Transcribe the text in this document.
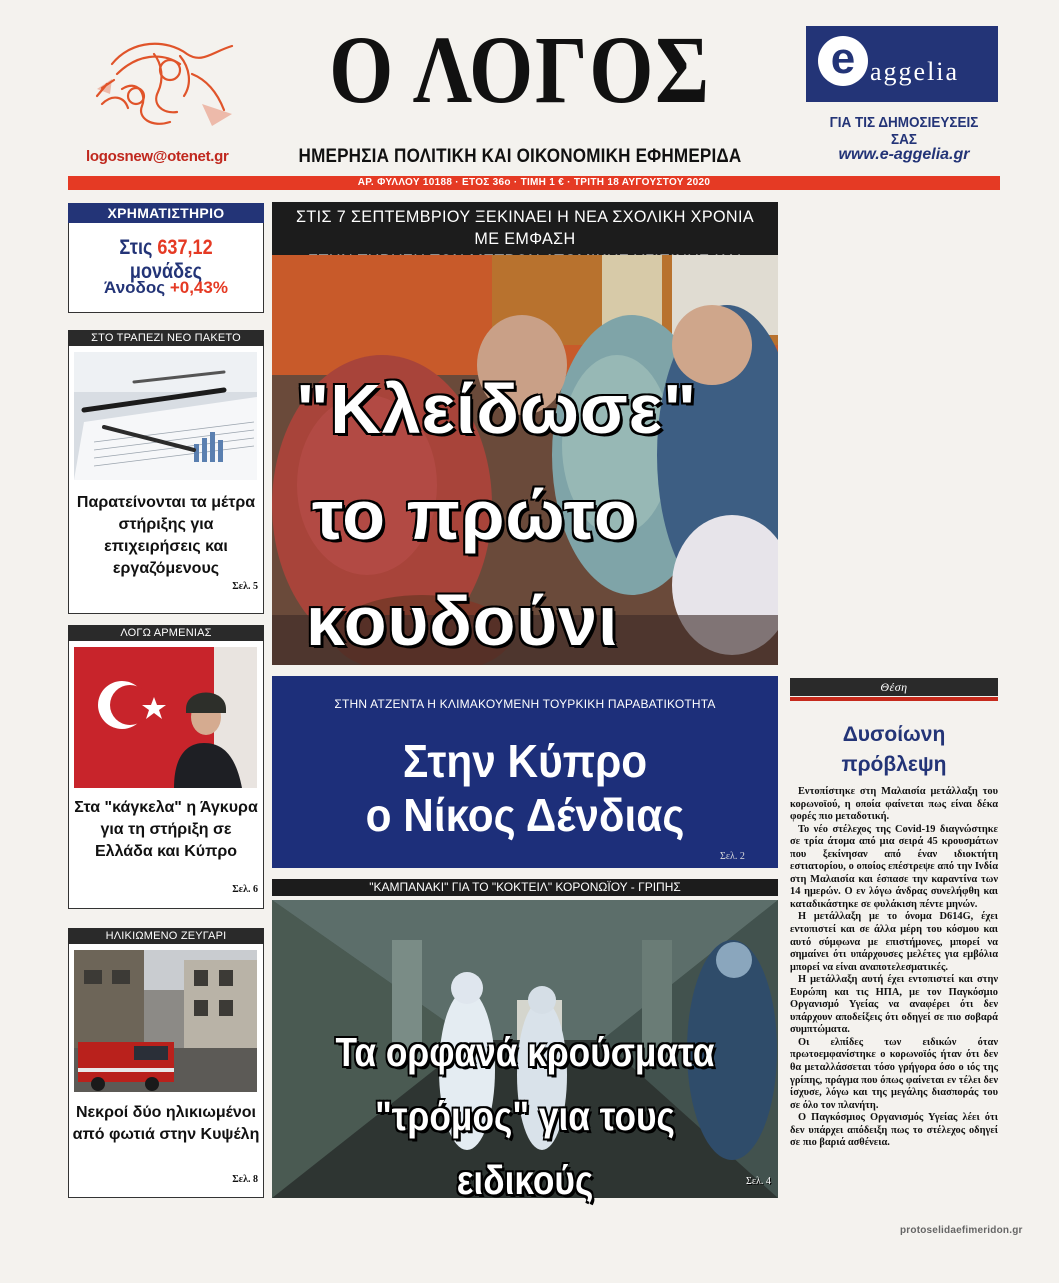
logosnew@otenet.gr
Ο ΛΟΓΟΣ
ΗΜΕΡΗΣΙΑ ΠΟΛΙΤΙΚΗ ΚΑΙ ΟΙΚΟΝΟΜΙΚΗ ΕΦΗΜΕΡΙΔΑ
e aggelia
ΓΙΑ ΤΙΣ ΔΗΜΟΣΙΕΥΣΕΙΣ ΣΑΣ
www.e-aggelia.gr
ΑΡ. ΦΥΛΛΟΥ 10188 · ΕΤΟΣ 36ο · ΤΙΜΗ 1 € · ΤΡΙΤΗ 18 ΑΥΓΟΥΣΤΟΥ 2020
ΧΡΗΜΑΤΙΣΤΗΡΙΟ
Στις 637,12 μονάδες
Άνοδος +0,43%
ΣΤΟ ΤΡΑΠΕΖΙ ΝΕΟ ΠΑΚΕΤΟ
Παρατείνονται τα μέτρα στήριξης για επιχειρήσεις και εργαζόμενους
Σελ. 5
ΛΟΓΩ ΑΡΜΕΝΙΑΣ
Στα "κάγκελα" η Άγκυρα για τη στήριξη σε Ελλάδα και Κύπρο
Σελ. 6
ΗΛΙΚΙΩΜΕΝΟ ΖΕΥΓΑΡΙ
Νεκροί δύο ηλικιωμένοι από φωτιά στην Κυψέλη
Σελ. 8
ΣΤΙΣ 7 ΣΕΠΤΕΜΒΡΙΟΥ ΞΕΚΙΝΑΕΙ Η ΝΕΑ ΣΧΟΛΙΚΗ ΧΡΟΝΙΑ ΜΕ ΕΜΦΑΣΗ
"Κλείδωσε"
το πρώτο
κουδούνι
ΣΤΗΝ ΑΤΖΕΝΤΑ Η ΚΛΙΜΑΚΟΥΜΕΝΗ ΤΟΥΡΚΙΚΗ ΠΑΡΑΒΑΤΙΚΟΤΗΤΑ
Στην Κύπρο
ο Νίκος Δένδιας
Σελ. 2
"ΚΑΜΠΑΝΑΚΙ" ΓΙΑ ΤΟ "ΚΟΚΤΕΙΛ" ΚΟΡΟΝΩΪΟΥ - ΓΡΙΠΗΣ
Τα ορφανά κρούσματα
"τρόμος" για τους ειδικούς	Σελ. 4
Θέση
Δυσοίωνη
πρόβλεψη

Εντοπίστηκε στη Μαλαισία μετάλλαξη του κορωνοϊού, η οποία φαίνεται πως είναι δέκα φορές πιο μεταδοτική.

Το νέο στέλεχος της Covid-19 διαγνώστηκε σε τρία άτομα από μια σειρά 45 κρουσμάτων που ξεκίνησαν από έναν ιδιοκτήτη εστιατορίου, ο οποίος επέστρεψε από την Ινδία στη Μαλαισία και έσπασε την καραντίνα των 14 ημερών. Ο εν λόγω άνδρας συνελήφθη και καταδικάστηκε σε φυλάκιση πέντε μηνών.

Η μετάλλαξη με το όνομα D614G, έχει εντοπιστεί και σε άλλα μέρη του κόσμου και αυτό σύμφωνα με επιστήμονες, μπορεί να σημαίνει ότι υπάρχουσες μελέτες για εμβόλια μπορεί να είναι αναποτελεσματικές.

Η μετάλλαξη αυτή έχει εντοπιστεί και στην Ευρώπη και τις ΗΠΑ, με τον Παγκόσμιο Οργανισμό Υγείας να αναφέρει ότι δεν υπάρχουν αποδείξεις ότι οδηγεί σε πιο σοβαρά συμπτώματα.

Οι ελπίδες των ειδικών όταν πρωτοεμφανίστηκε ο κορωνοϊός ήταν ότι δεν θα μεταλλάσσεται τόσο γρήγορα όσο ο ιός της γρίπης, πράγμα που όπως φαίνεται εν τέλει δεν ίσχυσε, λόγω και της μεγάλης διασποράς του σε όλο τον πλανήτη.

Ο Παγκόσμιος Οργανισμός Υγείας λέει ότι δεν υπάρχει απόδειξη πως το στέλεχος οδηγεί σε πιο βαριά ασθένεια.

protoselidaefimeridon.gr
